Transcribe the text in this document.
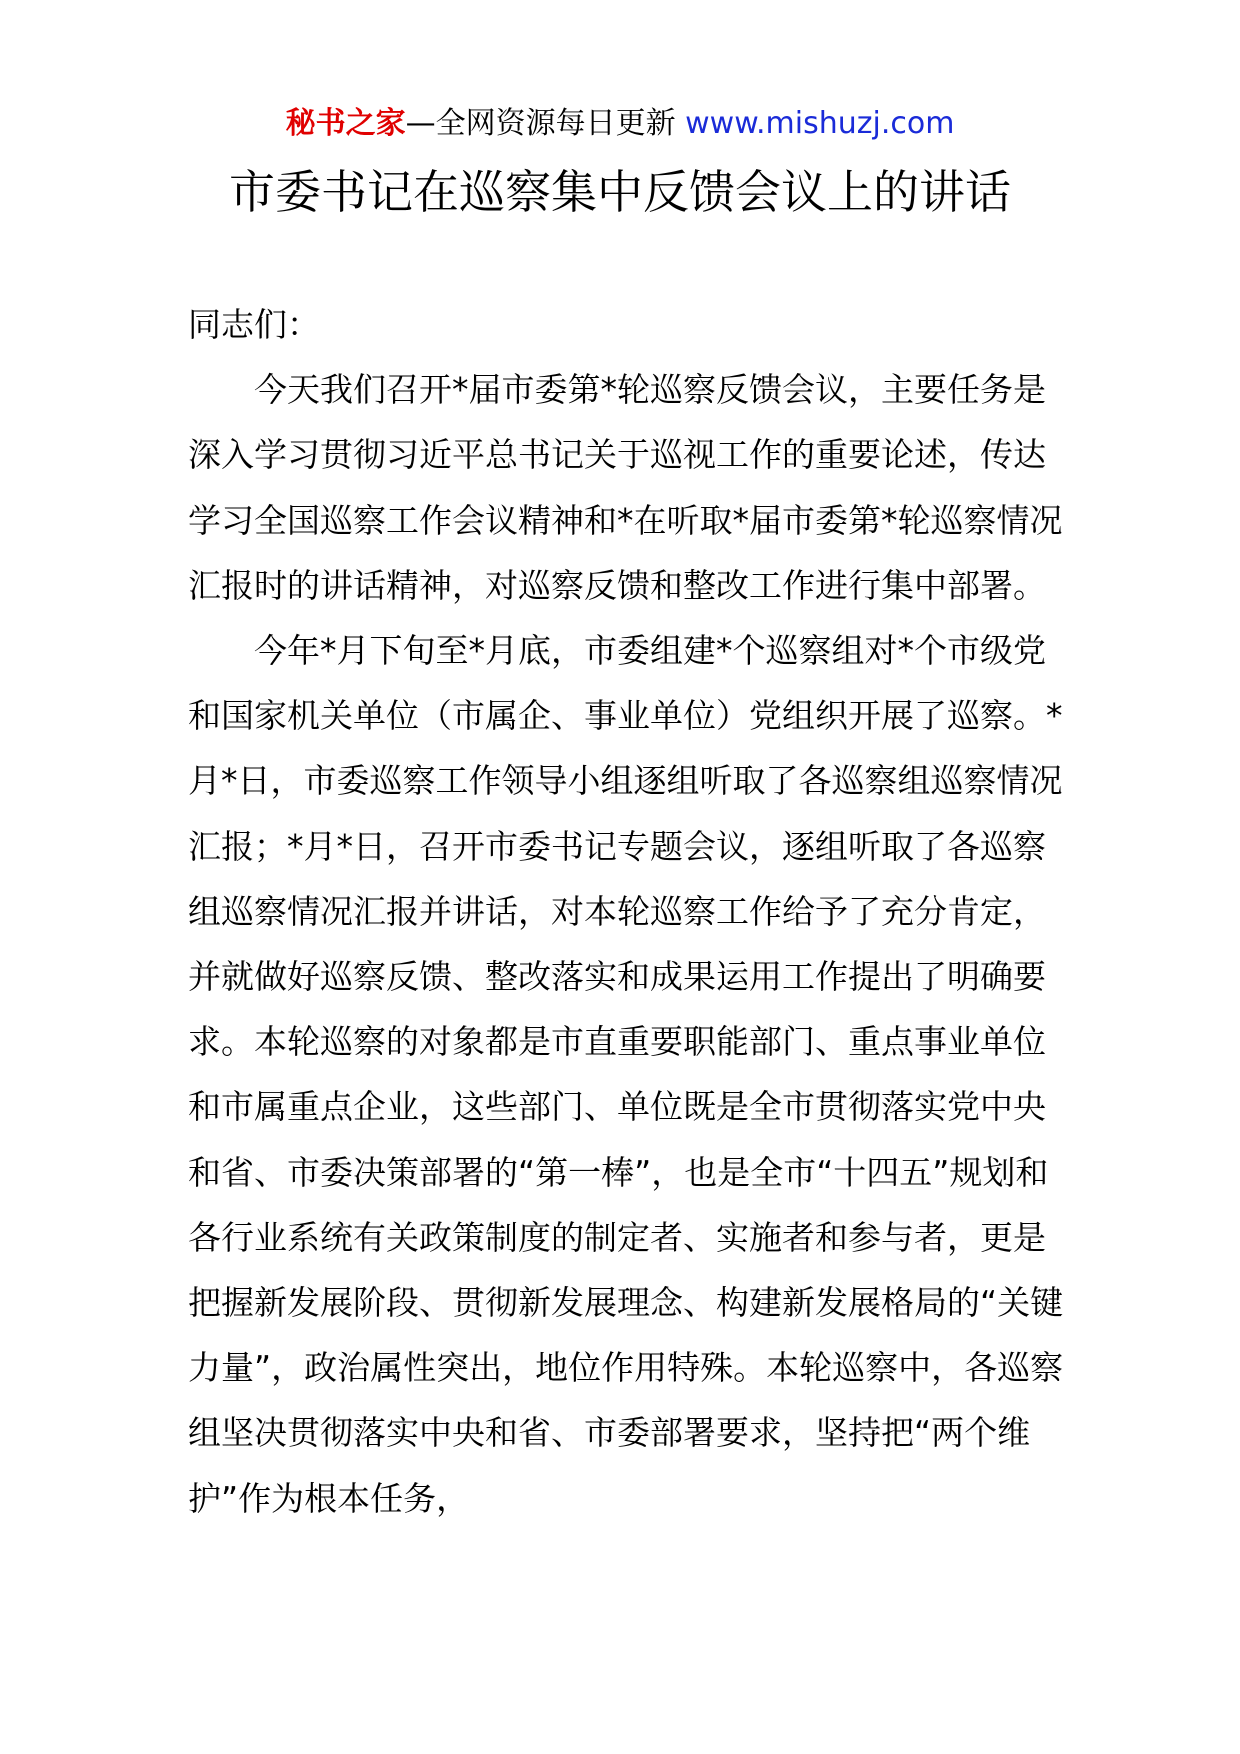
秘书之家—全网资源每日更新 www.mishuzj.com
市委书记在巡察集中反馈会议上的讲话

同志们：

今天我们召开*届市委第*轮巡察反馈会议，主要任务是深入学习贯彻习近平总书记关于巡视工作的重要论述，传达学习全国巡察工作会议精神和*在听取*届市委第*轮巡察情况汇报时的讲话精神，对巡察反馈和整改工作进行集中部署。

今年*月下旬至*月底，市委组建*个巡察组对*个市级党和国家机关单位（市属企、事业单位）党组织开展了巡察。*月*日，市委巡察工作领导小组逐组听取了各巡察组巡察情况汇报；*月*日，召开市委书记专题会议，逐组听取了各巡察组巡察情况汇报并讲话，对本轮巡察工作给予了充分肯定，并就做好巡察反馈、整改落实和成果运用工作提出了明确要求。本轮巡察的对象都是市直重要职能部门、重点事业单位和市属重点企业，这些部门、单位既是全市贯彻落实党中央和省、市委决策部署的“第一棒”，也是全市“十四五”规划和各行业系统有关政策制度的制定者、实施者和参与者，更是把握新发展阶段、贯彻新发展理念、构建新发展格局的“关键力量”，政治属性突出，地位作用特殊。本轮巡察中，各巡察组坚决贯彻落实中央和省、市委部署要求，坚持把“两个维护”作为根本任务，
